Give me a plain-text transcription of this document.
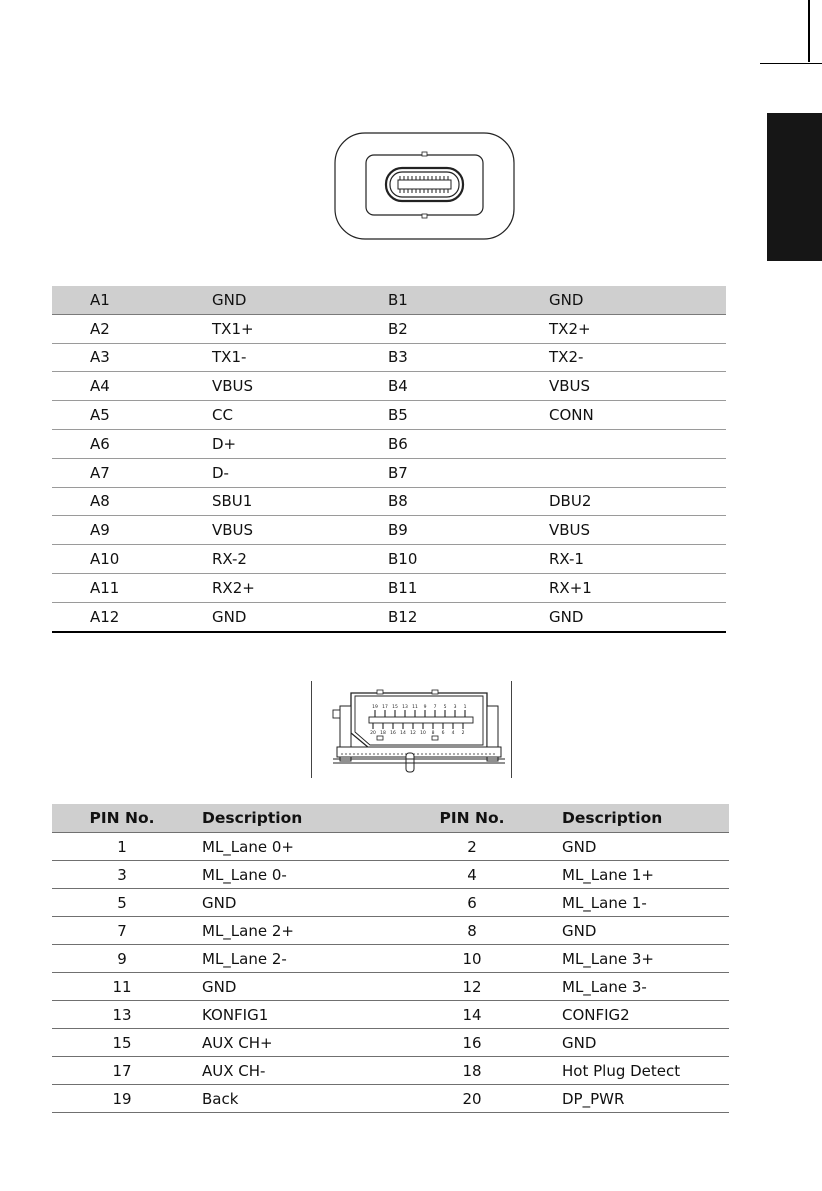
A1	GND	B1	GND
A2	TX1+	B2	TX2+
A3	TX1-	B3	TX2-
A4	VBUS	B4	VBUS
A5	CC	B5	CONN
A6	D+	B6	
A7	D-	B7	
A8	SBU1	B8	DBU2
A9	VBUS	B9	VBUS
A10	RX-2	B10	RX-1
A11	RX2+	B11	RX+1
A12	GND	B12	GND
19 17 15 13 11 9 7 5 3 1
20 18 16 14 12 10 8 6 4 2
PIN No.	Description	PIN No.	Description
1	ML_Lane 0+	2	GND
3	ML_Lane 0-	4	ML_Lane 1+
5	GND	6	ML_Lane 1-
7	ML_Lane 2+	8	GND
9	ML_Lane 2-	10	ML_Lane 3+
11	GND	12	ML_Lane 3-
13	KONFIG1	14	CONFIG2
15	AUX CH+	16	GND
17	AUX CH-	18	Hot Plug Detect
19	Back	20	DP_PWR
